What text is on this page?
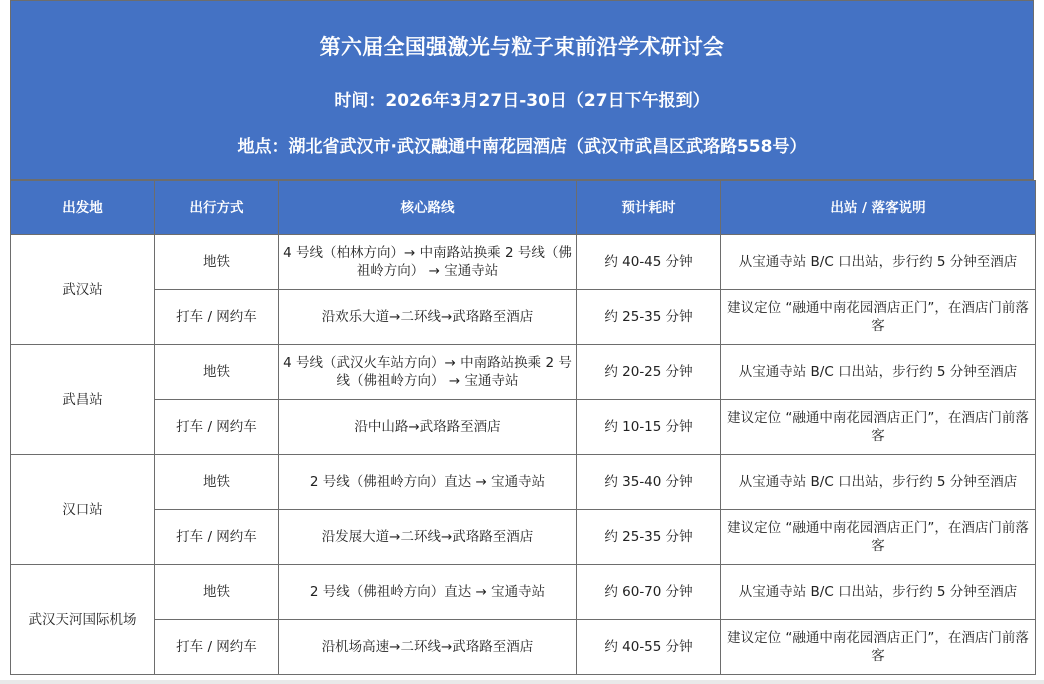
第六届全国强激光与粒子束前沿学术研讨会
时间：2026年3月27日-30日（27日下午报到）
地点：湖北省武汉市·武汉融通中南花园酒店（武汉市武昌区武珞路558号）
出发地	出行方式	核心路线	预计耗时	出站 / 落客说明
武汉站	地铁	4 号线（柏林方向）→ 中南路站换乘 2 号线（佛祖岭方向） → 宝通寺站	约 40-45 分钟	从宝通寺站 B/C 口出站，步行约 5 分钟至酒店
	打车 / 网约车	沿欢乐大道→二环线→武珞路至酒店	约 25-35 分钟	建议定位 “融通中南花园酒店正门”，在酒店门前落客
武昌站	地铁	4 号线（武汉火车站方向）→ 中南路站换乘 2 号线（佛祖岭方向） → 宝通寺站	约 20-25 分钟	从宝通寺站 B/C 口出站，步行约 5 分钟至酒店
	打车 / 网约车	沿中山路→武珞路至酒店	约 10-15 分钟	建议定位 “融通中南花园酒店正门”，在酒店门前落客
汉口站	地铁	2 号线（佛祖岭方向）直达 → 宝通寺站	约 35-40 分钟	从宝通寺站 B/C 口出站，步行约 5 分钟至酒店
	打车 / 网约车	沿发展大道→二环线→武珞路至酒店	约 25-35 分钟	建议定位 “融通中南花园酒店正门”，在酒店门前落客
武汉天河国际机场	地铁	2 号线（佛祖岭方向）直达 → 宝通寺站	约 60-70 分钟	从宝通寺站 B/C 口出站，步行约 5 分钟至酒店
	打车 / 网约车	沿机场高速→二环线→武珞路至酒店	约 40-55 分钟	建议定位 “融通中南花园酒店正门”，在酒店门前落客
